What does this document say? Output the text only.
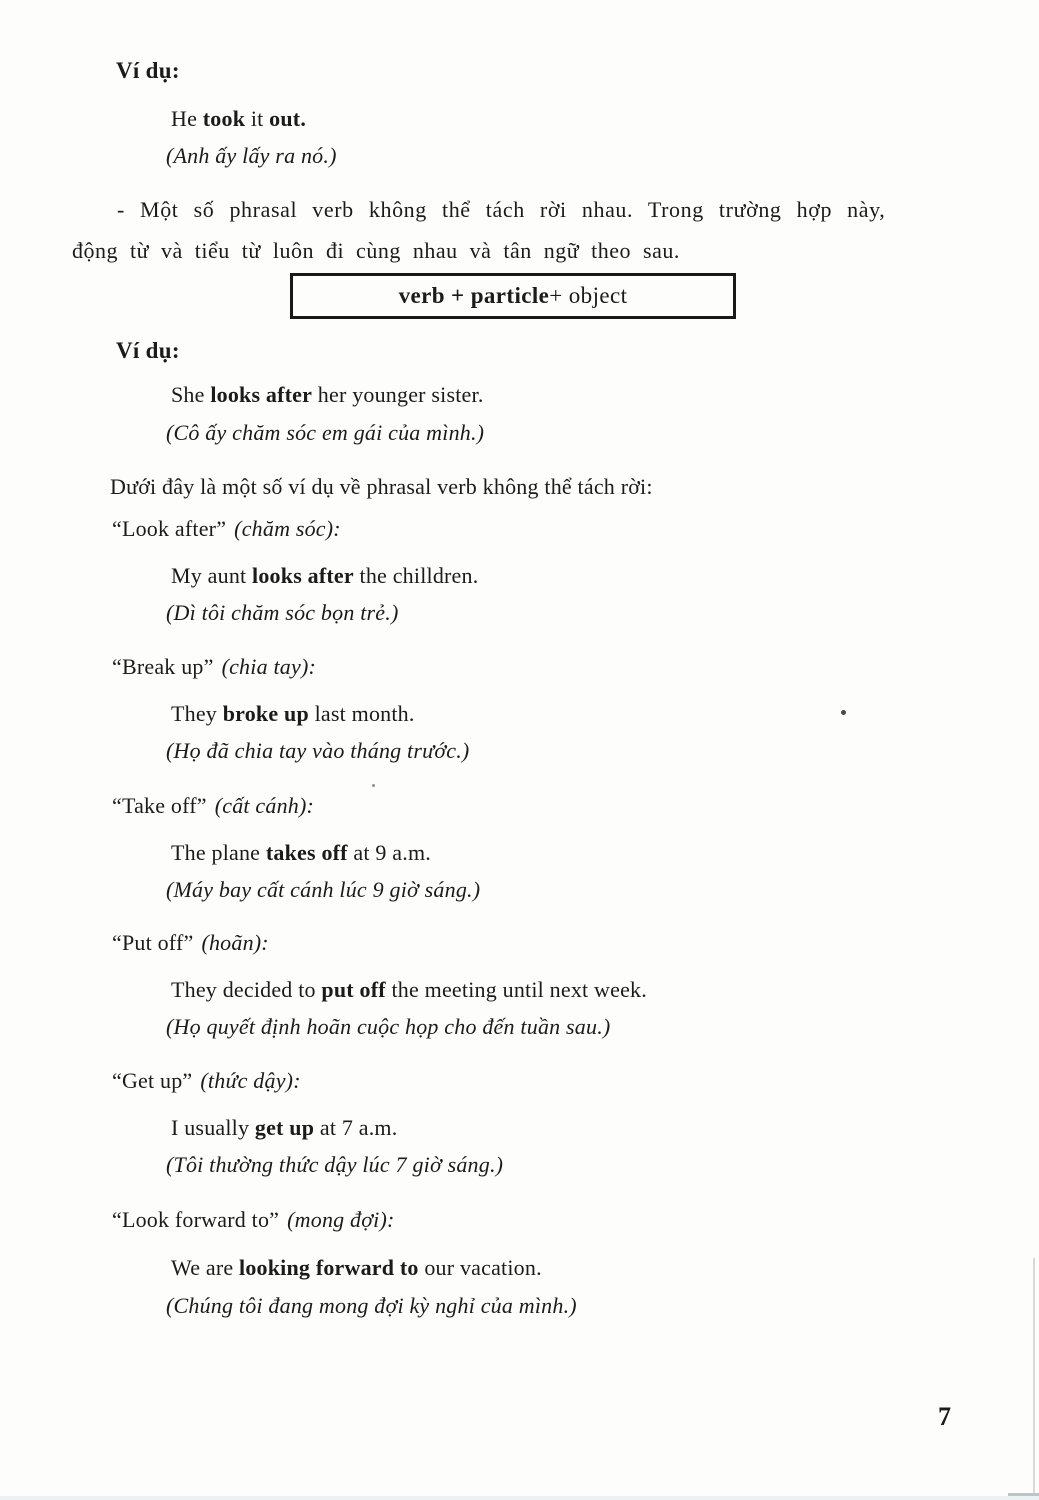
Ví dụ:
He took it out.
(Anh ấy lấy ra nó.)
- Một số phrasal verb không thể tách rời nhau. Trong trường hợp này,
động từ và tiểu từ luôn đi cùng nhau và tân ngữ theo sau.
verb + particle + object
Ví dụ:
She looks after her younger sister.
(Cô ấy chăm sóc em gái của mình.)
Dưới đây là một số ví dụ về phrasal verb không thể tách rời:
“Look after” (chăm sóc):
My aunt looks after the chilldren.
(Dì tôi chăm sóc bọn trẻ.)
“Break up” (chia tay):
They broke up last month.
(Họ đã chia tay vào tháng trước.)
“Take off” (cất cánh):
The plane takes off at 9 a.m.
(Máy bay cất cánh lúc 9 giờ sáng.)
“Put off” (hoãn):
They decided to put off the meeting until next week.
(Họ quyết định hoãn cuộc họp cho đến tuần sau.)
“Get up” (thức dậy):
I usually get up at 7 a.m.
(Tôi thường thức dậy lúc 7 giờ sáng.)
“Look forward to” (mong đợi):
We are looking forward to our vacation.
(Chúng tôi đang mong đợi kỳ nghỉ của mình.)
7
